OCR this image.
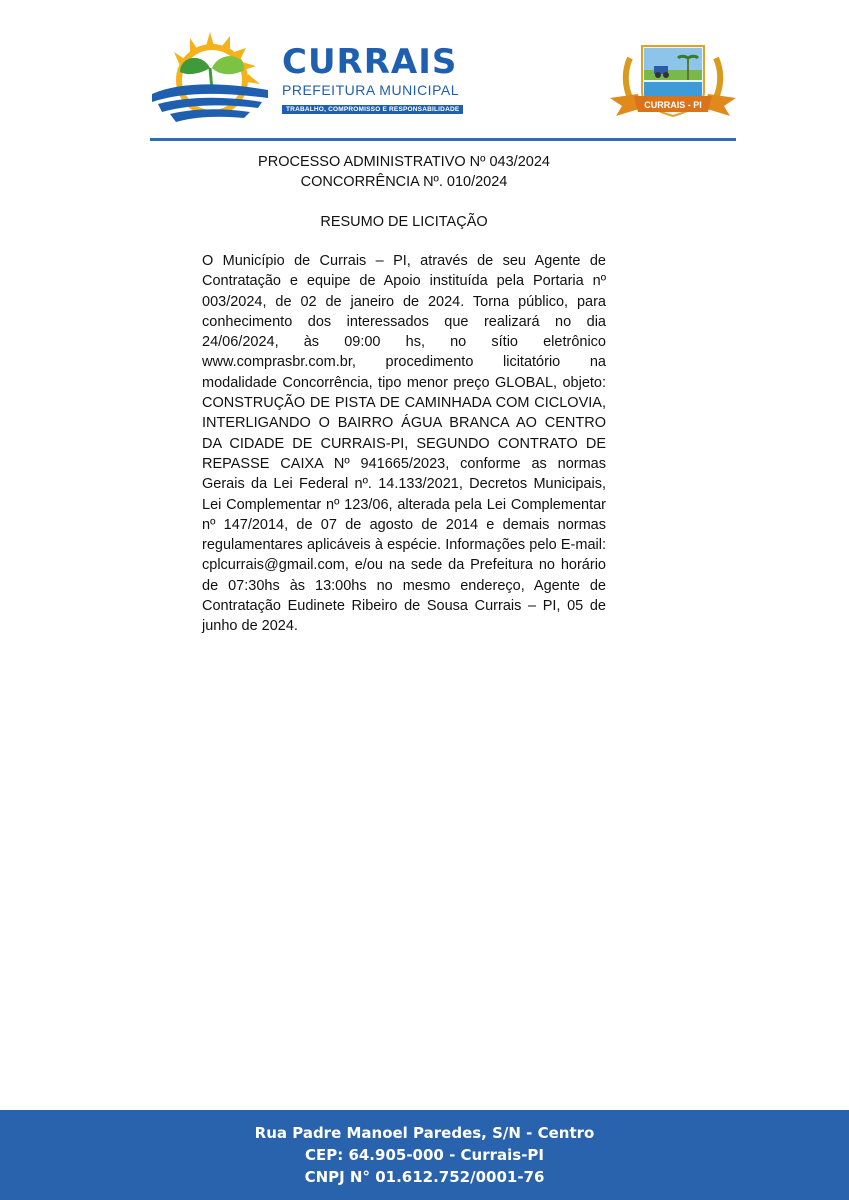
CURRAIS
PREFEITURA MUNICIPAL
TRABALHO, COMPROMISSO E RESPONSABILIDADE	CURRAIS - PI
PROCESSO ADMINISTRATIVO Nº 043/2024
CONCORRÊNCIA Nº. 010/2024
RESUMO DE LICITAÇÃO

O Município de Currais – PI, através de seu Agente de Contratação e equipe de Apoio instituída pela Portaria nº 003/2024, de 02 de janeiro de 2024. Torna público, para conhecimento dos interessados que realizará no dia 24/06/2024, às 09:00 hs, no sítio eletrônico www.comprasbr.com.br, procedimento licitatório na modalidade Concorrência, tipo menor preço GLOBAL, objeto: CONSTRUÇÃO DE PISTA DE CAMINHADA COM CICLOVIA, INTERLIGANDO O BAIRRO ÁGUA BRANCA AO CENTRO DA CIDADE DE CURRAIS-PI, SEGUNDO CONTRATO DE REPASSE CAIXA Nº 941665/2023, conforme as normas Gerais da Lei Federal nº. 14.133/2021, Decretos Municipais, Lei Complementar nº 123/06, alterada pela Lei Complementar nº 147/2014, de 07 de agosto de 2014 e demais normas regulamentares aplicáveis à espécie. Informações pelo E-mail: cplcurrais@gmail.com, e/ou na sede da Prefeitura no horário de 07:30hs às 13:00hs no mesmo endereço, Agente de Contratação Eudinete Ribeiro de Sousa Currais – PI, 05 de junho de 2024.

Rua Padre Manoel Paredes, S/N - Centro
CEP: 64.905-000 - Currais-PI
CNPJ N° 01.612.752/0001-76
